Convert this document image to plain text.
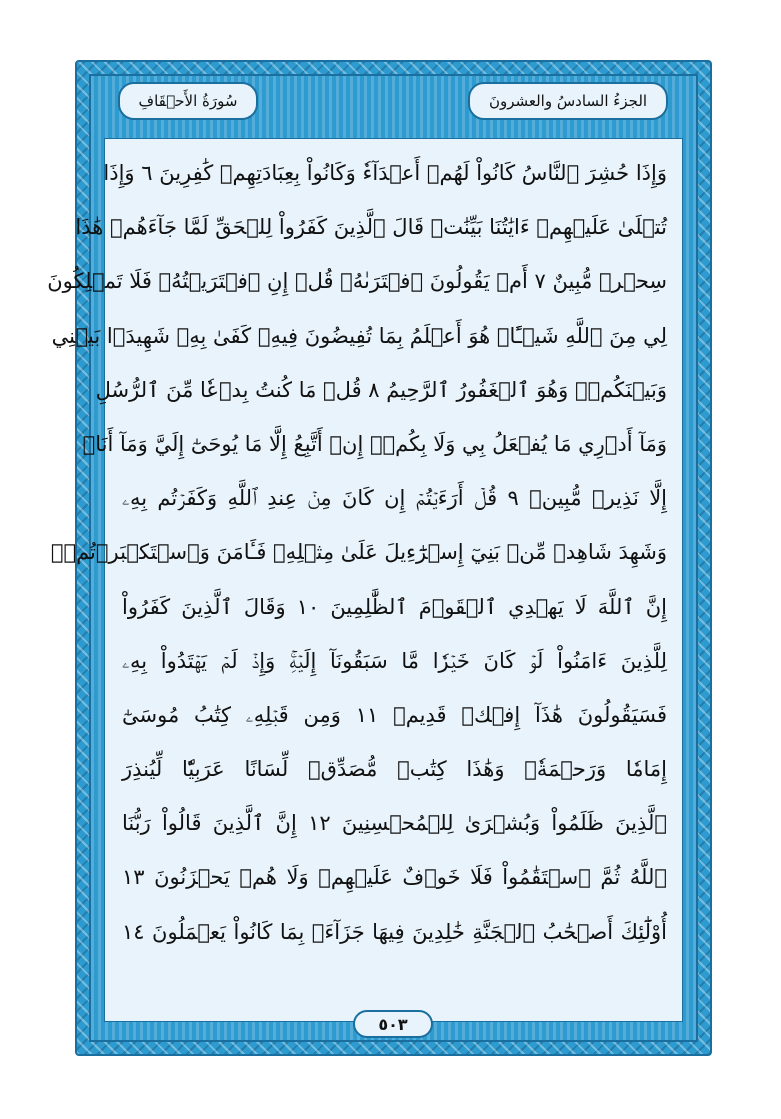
الجزءُ السادسُ والعشرونَ
سُورَةُ الأَحۡقَافِ
وَإِذَا حُشِرَ ٱلنَّاسُ كَانُواْ لَهُمۡ أَعۡدَآءٗ وَكَانُواْ بِعِبَادَتِهِمۡ كَٰفِرِينَ ٦ وَإِذَا
تُتۡلَىٰ عَلَيۡهِمۡ ءَايَٰتُنَا بَيِّنَٰتٖ قَالَ ٱلَّذِينَ كَفَرُواْ لِلۡحَقِّ لَمَّا جَآءَهُمۡ هَٰذَا
سِحۡرٞ مُّبِينٌ ٧ أَمۡ يَقُولُونَ ٱفۡتَرَىٰهُۖ قُلۡ إِنِ ٱفۡتَرَيۡتُهُۥ فَلَا تَمۡلِكُونَ
لِي مِنَ ٱللَّهِ شَيۡـًٔاۖ هُوَ أَعۡلَمُ بِمَا تُفِيضُونَ فِيهِۚ كَفَىٰ بِهِۦ شَهِيدَۢا بَيۡنِي
وَبَيۡنَكُمۡۖ وَهُوَ ٱلۡغَفُورُ ٱلرَّحِيمُ ٨ قُلۡ مَا كُنتُ بِدۡعٗا مِّنَ ٱلرُّسُلِ
وَمَآ أَدۡرِي مَا يُفۡعَلُ بِي وَلَا بِكُمۡۖ إِنۡ أَتَّبِعُ إِلَّا مَا يُوحَىٰٓ إِلَيَّ وَمَآ أَنَا۠
إِلَّا نَذِيرٞ مُّبِينٞ ٩ قُلۡ أَرَءَيۡتُمۡ إِن كَانَ مِنۡ عِندِ ٱللَّهِ وَكَفَرۡتُم بِهِۦ
وَشَهِدَ شَاهِدٞ مِّنۢ بَنِيٓ إِسۡرَٰٓءِيلَ عَلَىٰ مِثۡلِهِۦ فَـَٔامَنَ وَٱسۡتَكۡبَرۡتُمۡۚ
إِنَّ ٱللَّهَ لَا يَهۡدِي ٱلۡقَوۡمَ ٱلظَّٰلِمِينَ ١٠ وَقَالَ ٱلَّذِينَ كَفَرُواْ
لِلَّذِينَ ءَامَنُواْ لَوۡ كَانَ خَيۡرٗا مَّا سَبَقُونَآ إِلَيۡهِۚ وَإِذۡ لَمۡ يَهۡتَدُواْ بِهِۦ
فَسَيَقُولُونَ هَٰذَآ إِفۡكٞ قَدِيمٞ ١١ وَمِن قَبۡلِهِۦ كِتَٰبُ مُوسَىٰٓ
إِمَامٗا وَرَحۡمَةٗۚ وَهَٰذَا كِتَٰبٞ مُّصَدِّقٞ لِّسَانًا عَرَبِيّٗا لِّيُنذِرَ
ٱلَّذِينَ ظَلَمُواْ وَبُشۡرَىٰ لِلۡمُحۡسِنِينَ ١٢ إِنَّ ٱلَّذِينَ قَالُواْ رَبُّنَا
ٱللَّهُ ثُمَّ ٱسۡتَقَٰمُواْ فَلَا خَوۡفٌ عَلَيۡهِمۡ وَلَا هُمۡ يَحۡزَنُونَ ١٣
أُوْلَٰٓئِكَ أَصۡحَٰبُ ٱلۡجَنَّةِ خَٰلِدِينَ فِيهَا جَزَآءَۢ بِمَا كَانُواْ يَعۡمَلُونَ ١٤
٥٠٣
